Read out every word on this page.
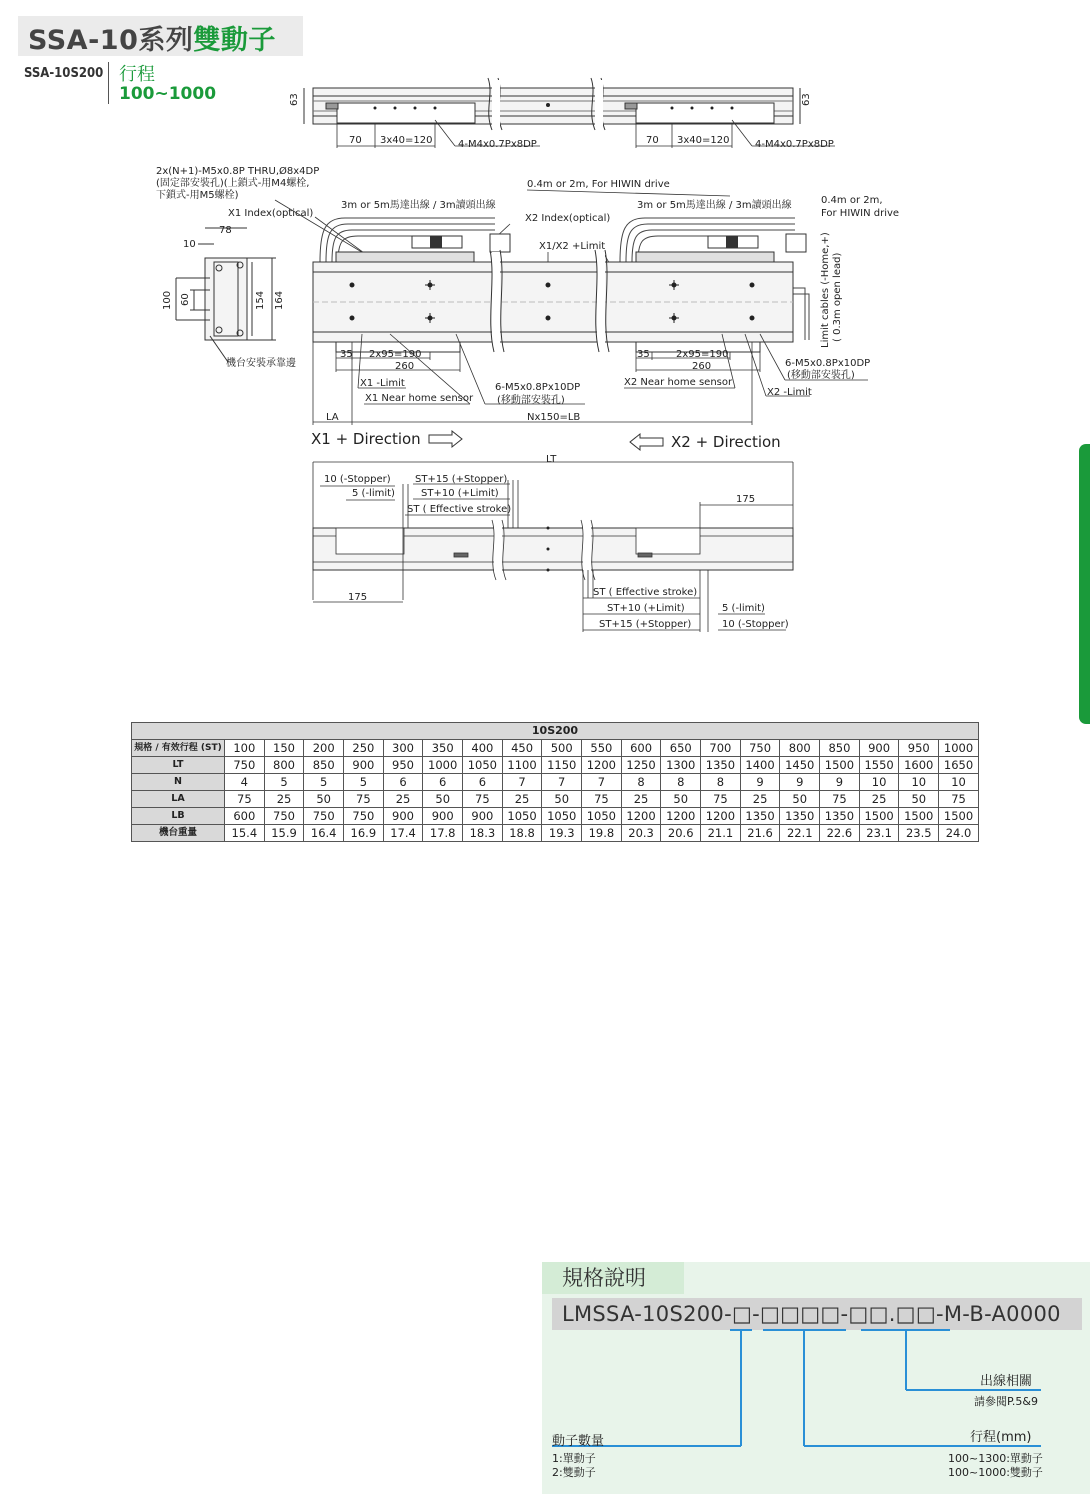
SSA-10系列雙動子
SSA-10S200 行程
100~1000	63	63
70 3x40=120	4-M4x0.7Px8DP	70 3x40=120	4-M4x0.7Px8DP
2x(N+1)-M5x0.8P THRU,Ø8x4DP
(固定部安裝孔)(上鎖式-用M4螺栓,
下鎖式-用M5螺栓)
X1 Index(optical)
3m or 5m馬達出線 / 3m讀頭出線
0.4m or 2m, For HIWIN drive
X2 Index(optical)
3m or 5m馬達出線 / 3m讀頭出線	0.4m or 2m,
For HIWIN drive
X1/X2 +Limit	Limit cables (-Home,+) ( 0.3m open lead)
78
10
100 60	154 164
機台安裝承靠邊
35 2x95=190
260
X1 -Limit
X1 Near home sensor
6-M5x0.8Px10DP
(移動部安裝孔)
35	2x95=190
260
X2 Near home sensor
6-M5x0.8Px10DP
(移動部安裝孔)
X2 -Limit
LA	Nx150=LB
X1 + Direction	X2 + Direction
LT
10 (-Stopper)
5 (-limit)
ST+15 (+Stopper)
ST+10 (+Limit)
ST ( Effective stroke)
175
175	ST ( Effective stroke)
ST+10 (+Limit)
ST+15 (+Stopper)
5 (-limit)
10 (-Stopper)
10S200																			
規格 / 有效行程 (ST)	100	150	200	250	300	350	400	450	500	550	600	650	700	750	800	850	900	950	1000
LT	750	800	850	900	950	1000	1050	1100	1150	1200	1250	1300	1350	1400	1450	1500	1550	1600	1650
N	4	5	5	5	6	6	6	7	7	7	8	8	8	9	9	9	10	10	10
LA	75	25	50	75	25	50	75	25	50	75	25	50	75	25	50	75	25	50	75
LB	600	750	750	750	900	900	900	1050	1050	1050	1200	1200	1200	1350	1350	1350	1500	1500	1500
機台重量	15.4	15.9	16.4	16.9	17.4	17.8	18.3	18.8	19.3	19.8	20.3	20.6	21.1	21.6	22.1	22.6	23.1	23.5	24.0
規格說明
LMSSA-10S200-□-□□□□-□□.□□-M-B-A0000
出線相關
請參閱P.5&9
行程(mm)
100~1300:單動子
100~1000:雙動子
動子數量
1:單動子
2:雙動子
